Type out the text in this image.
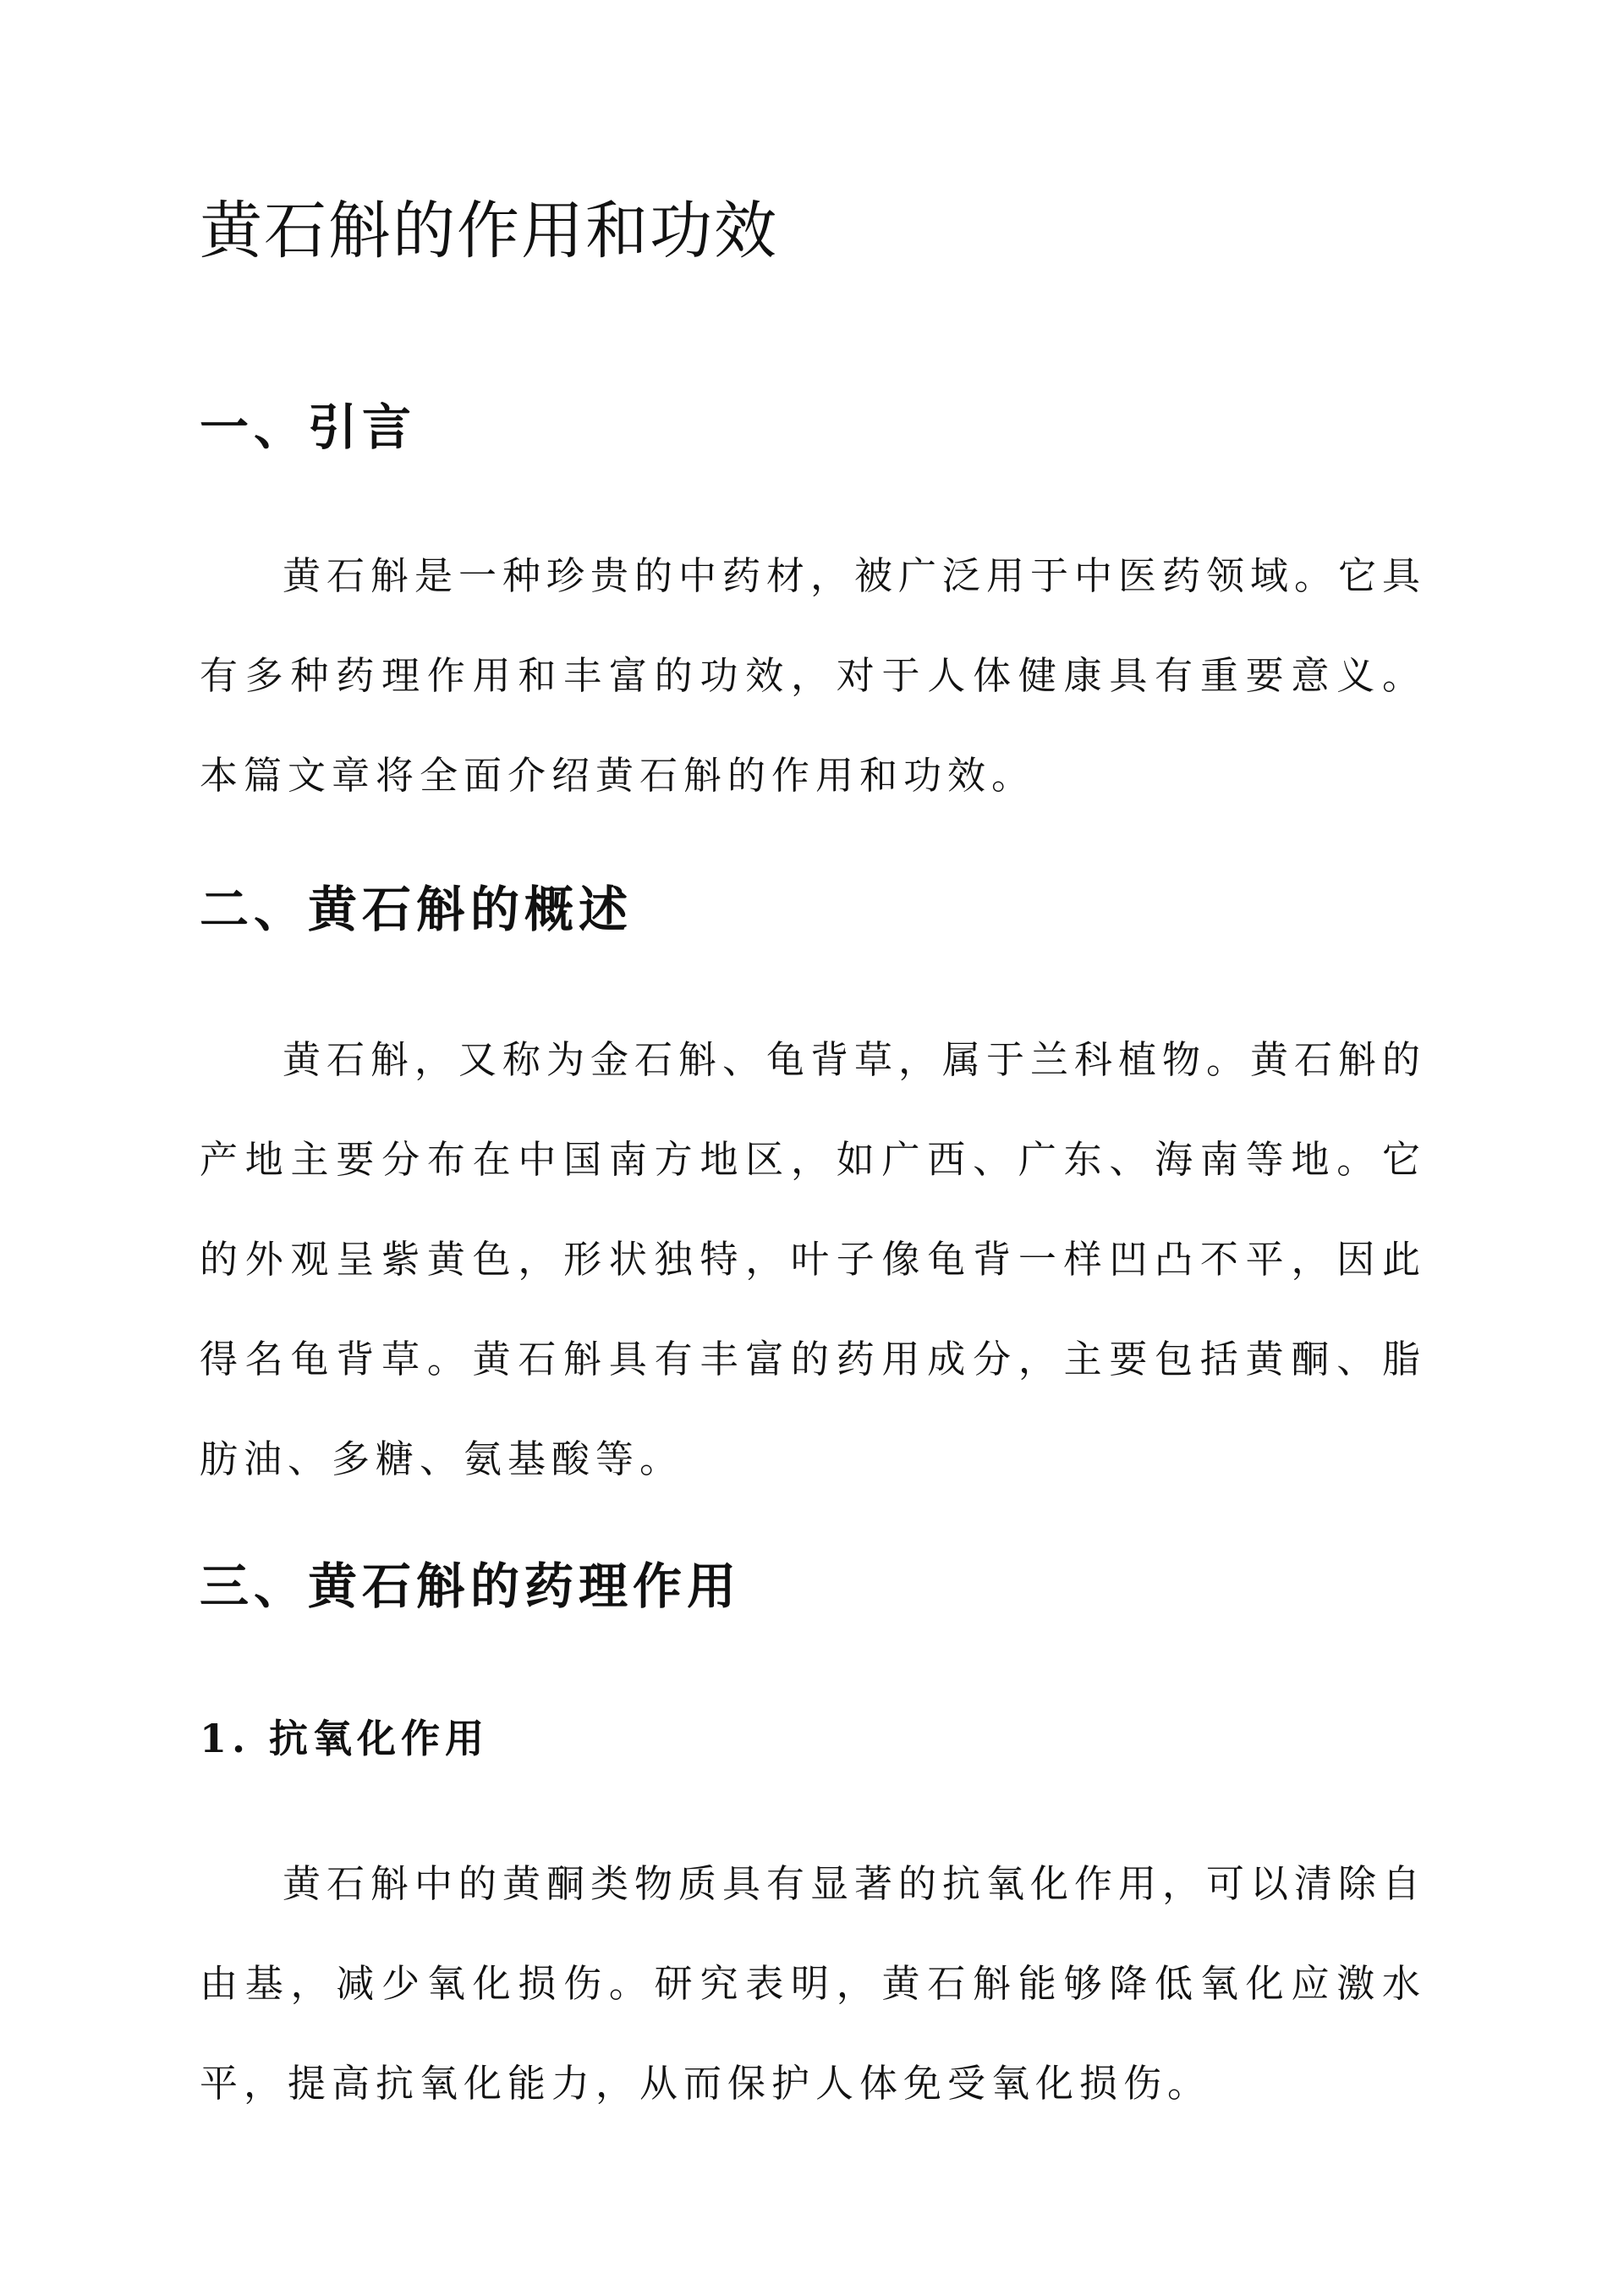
黄石斛的作用和功效
一、引言

黄石斛是一种珍贵的中药材，被广泛用于中医药领域。它具有多种药理作用和丰富的功效，对于人体健康具有重要意义。本篇文章将全面介绍黄石斛的作用和功效。

二、黄石斛的概述

黄石斛，又称为金石斛、龟背草，属于兰科植物。黄石斛的产地主要分布在中国南方地区，如广西、广东、海南等地。它的外观呈紫黄色，形状独特，叶子像龟背一样凹凸不平，因此得名龟背草。黄石斛具有丰富的药用成分，主要包括黄酮、脂肪油、多糖、氨基酸等。

三、黄石斛的药理作用
1. 抗氧化作用

黄石斛中的黄酮类物质具有显著的抗氧化作用，可以清除自由基，减少氧化损伤。研究表明，黄石斛能够降低氧化应激水平，提高抗氧化能力，从而保护人体免受氧化损伤。
